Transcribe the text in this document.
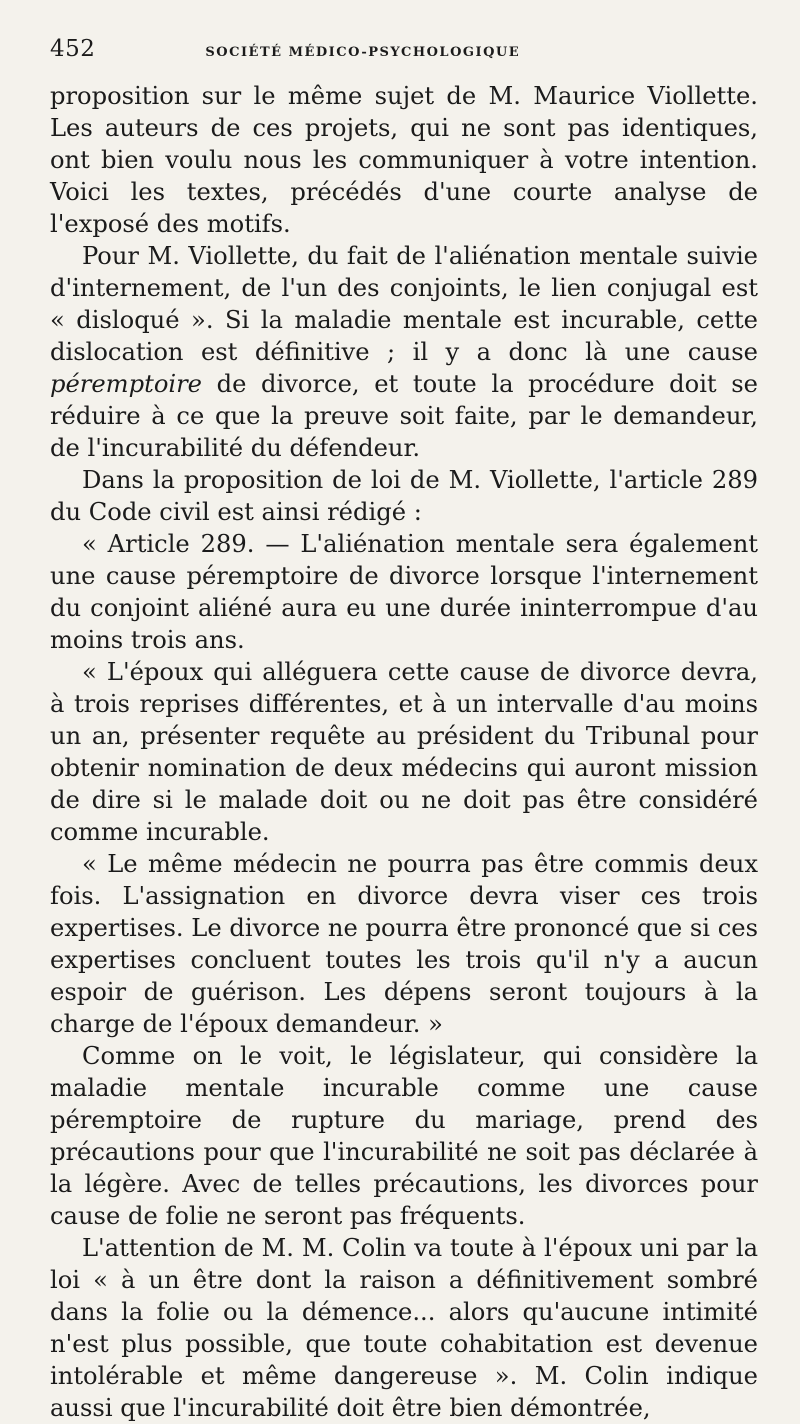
452	SOCIÉTÉ MÉDICO-PSYCHOLOGIQUE

proposition sur le même sujet de M. Maurice Viollette. Les auteurs de ces projets, qui ne sont pas identiques, ont bien voulu nous les communiquer à votre intention. Voici les textes, précédés d'une courte analyse de l'exposé des motifs.

Pour M. Viollette, du fait de l'aliénation mentale suivie d'internement, de l'un des conjoints, le lien conjugal est « disloqué ». Si la maladie mentale est incurable, cette dislocation est définitive ; il y a donc là une cause péremptoire de divorce, et toute la procédure doit se réduire à ce que la preuve soit faite, par le demandeur, de l'incurabilité du défendeur.

Dans la proposition de loi de M. Viollette, l'article 289 du Code civil est ainsi rédigé :

« Article 289. — L'aliénation mentale sera également une cause péremptoire de divorce lorsque l'internement du conjoint aliéné aura eu une durée ininterrompue d'au moins trois ans.

« L'époux qui alléguera cette cause de divorce devra, à trois reprises différentes, et à un intervalle d'au moins un an, présenter requête au président du Tribunal pour obtenir nomination de deux médecins qui auront mission de dire si le malade doit ou ne doit pas être considéré comme incurable.

« Le même médecin ne pourra pas être commis deux fois. L'assignation en divorce devra viser ces trois expertises. Le divorce ne pourra être prononcé que si ces expertises concluent toutes les trois qu'il n'y a aucun espoir de guérison. Les dépens seront toujours à la charge de l'époux demandeur. »

Comme on le voit, le législateur, qui considère la maladie mentale incurable comme une cause péremptoire de rupture du mariage, prend des précautions pour que l'incurabilité ne soit pas déclarée à la légère. Avec de telles précautions, les divorces pour cause de folie ne seront pas fréquents.

L'attention de M. M. Colin va toute à l'époux uni par la loi « à un être dont la raison a définitivement sombré dans la folie ou la démence... alors qu'aucune intimité n'est plus possible, que toute cohabitation est devenue intolérable et même dangereuse ». M. Colin indique aussi que l'incurabilité doit être bien démontrée,
